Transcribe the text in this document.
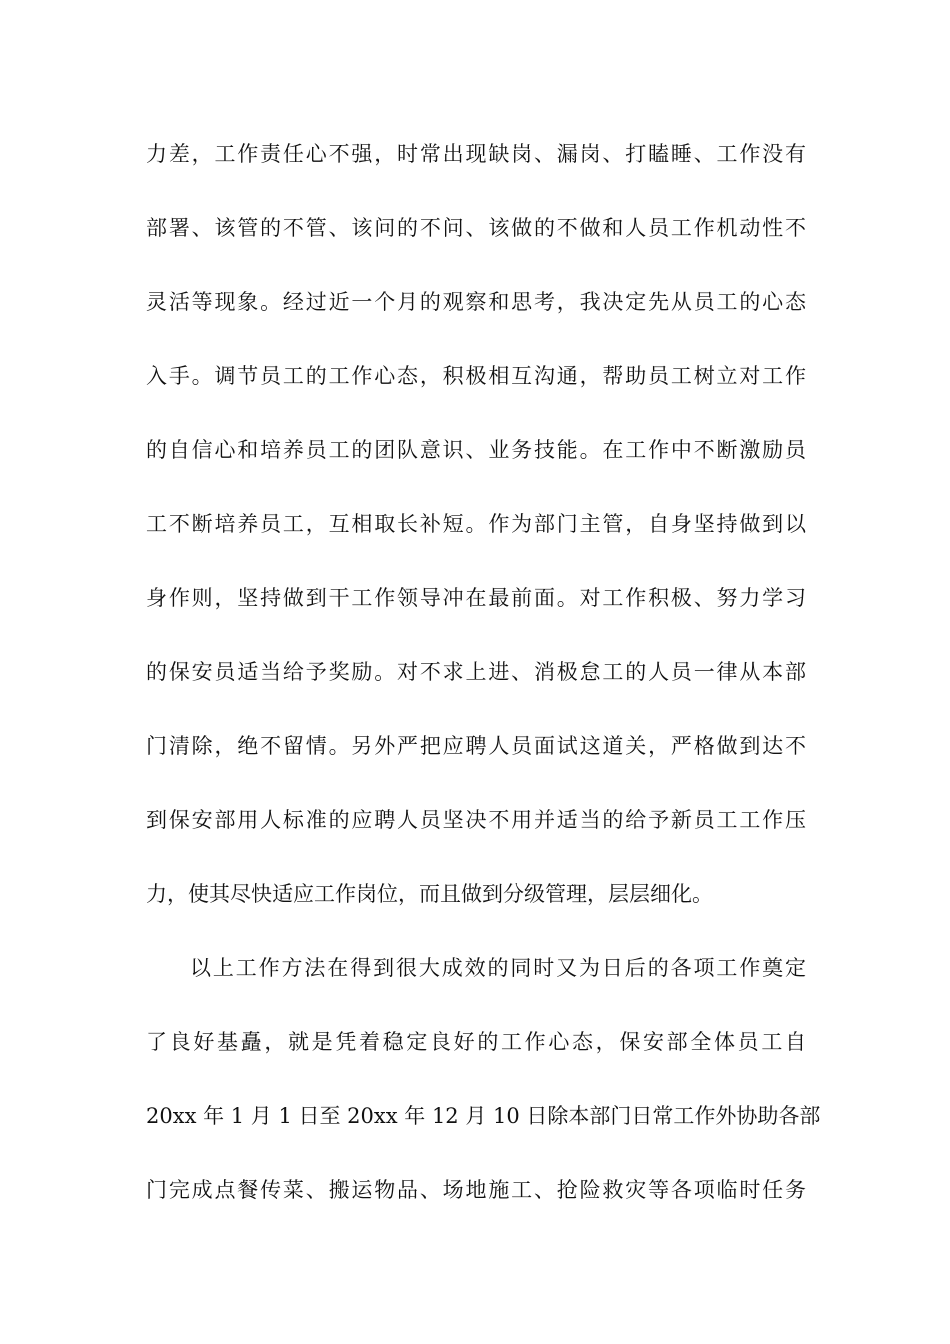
力差，工作责任心不强，时常出现缺岗、漏岗、打瞌睡、工作没有
部署、该管的不管、该问的不问、该做的不做和人员工作机动性不
灵活等现象。经过近一个月的观察和思考，我决定先从员工的心态
入手。调节员工的工作心态，积极相互沟通，帮助员工树立对工作
的自信心和培养员工的团队意识、业务技能。在工作中不断激励员
工不断培养员工，互相取长补短。作为部门主管，自身坚持做到以
身作则，坚持做到干工作领导冲在最前面。对工作积极、努力学习
的保安员适当给予奖励。对不求上进、消极怠工的人员一律从本部
门清除，绝不留情。另外严把应聘人员面试这道关，严格做到达不
到保安部用人标准的应聘人员坚决不用并适当的给予新员工工作压
力，使其尽快适应工作岗位，而且做到分级管理，层层细化。
以上工作方法在得到很大成效的同时又为日后的各项工作奠定
了良好基矗，就是凭着稳定良好的工作心态，保安部全体员工自
20xx 年 1 月 1 日至 20xx 年 12 月 10 日除本部门日常工作外协助各部
门完成点餐传菜、搬运物品、场地施工、抢险救灾等各项临时任务
